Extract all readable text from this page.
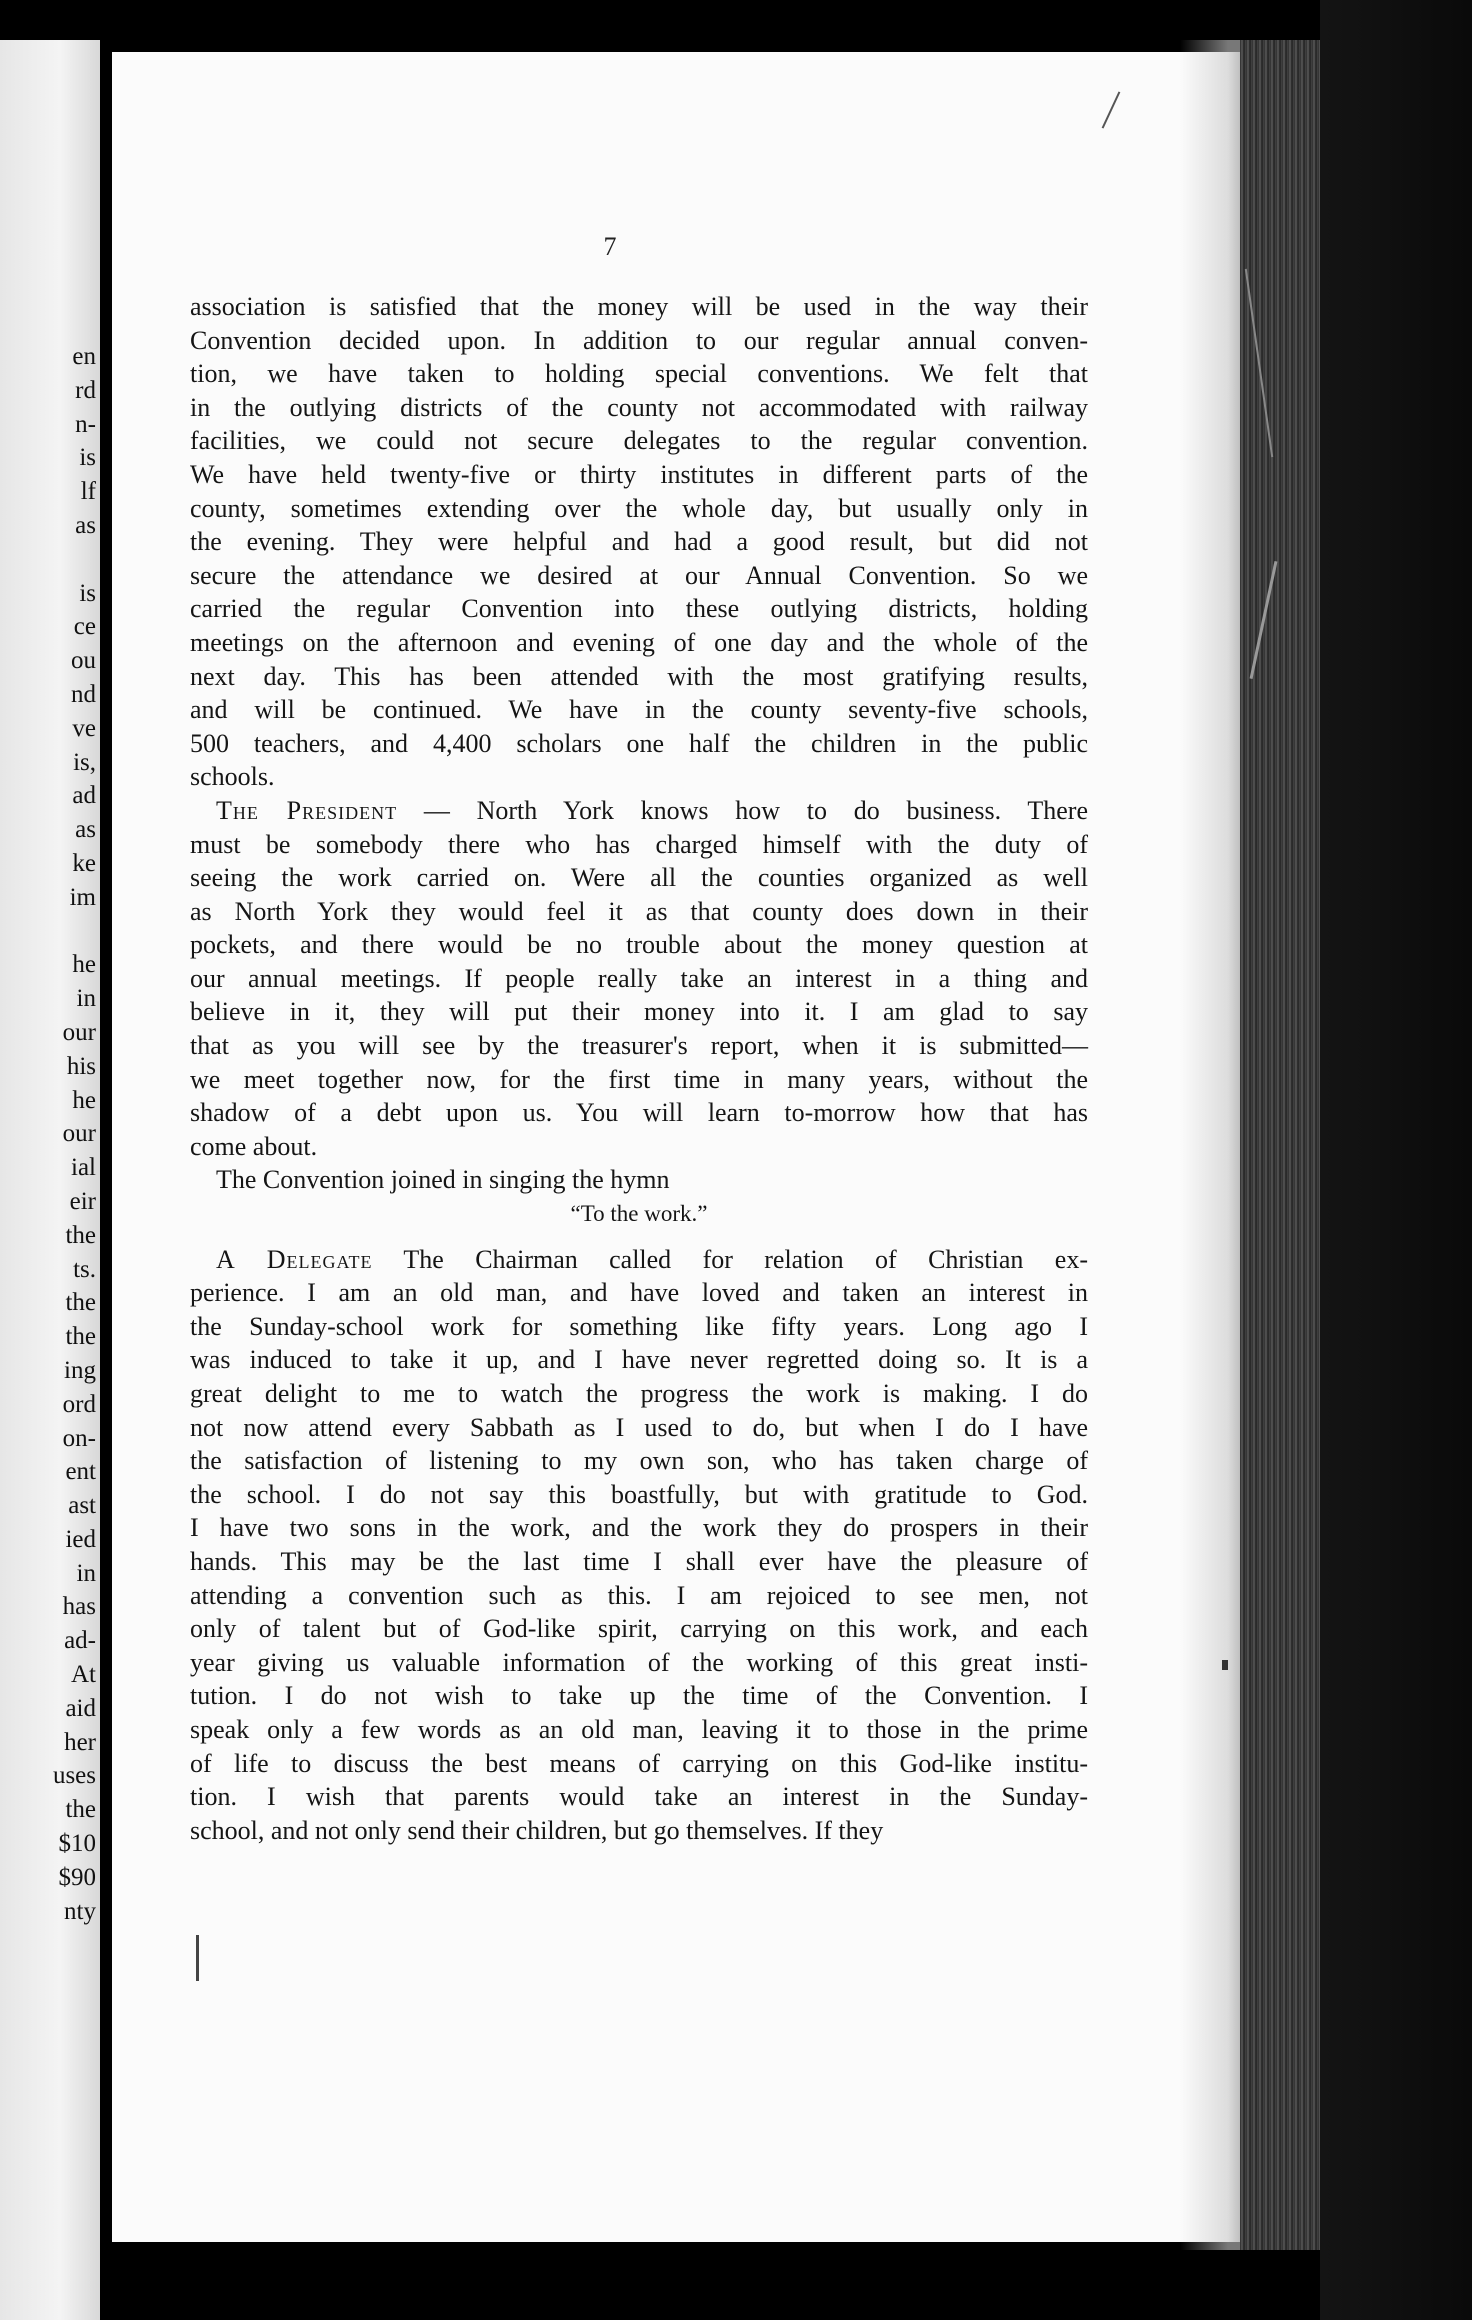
en
rd
n-
is
lf
as
is
ce
ou
nd
ve
is,
ad
as
ke
im
he
in
our
his
he
our
ial
eir
the
ts.
the
the
ing
ord
on-
ent
ast
ied
in
has
ad-
At
aid
her
uses
the
$10
$90
nty
7
association is satisfied that the money will be used in the way their
Convention decided upon. In addition to our regular annual conven-
tion, we have taken to holding special conventions. We felt that
in the outlying districts of the county not accommodated with railway
facilities, we could not secure delegates to the regular convention.
We have held twenty-five or thirty institutes in different parts of the
county, sometimes extending over the whole day, but usually only in
the evening. They were helpful and had a good result, but did not
secure the attendance we desired at our Annual Convention. So we
carried the regular Convention into these outlying districts, holding
meetings on the afternoon and evening of one day and the whole of the
next day. This has been attended with the most gratifying results,
and will be continued. We have in the county seventy-five schools,
500 teachers, and 4,400 scholars one half the children in the public
schools.
The President — North York knows how to do business. There
must be somebody there who has charged himself with the duty of
seeing the work carried on. Were all the counties organized as well
as North York they would feel it as that county does down in their
pockets, and there would be no trouble about the money question at
our annual meetings. If people really take an interest in a thing and
believe in it, they will put their money into it. I am glad to say
that as you will see by the treasurer's report, when it is submitted—
we meet together now, for the first time in many years, without the
shadow of a debt upon us. You will learn to-morrow how that has
come about.
The Convention joined in singing the hymn
“To the work.”
A Delegate The Chairman called for relation of Christian ex-
perience. I am an old man, and have loved and taken an interest in
the Sunday-school work for something like fifty years. Long ago I
was induced to take it up, and I have never regretted doing so. It is a
great delight to me to watch the progress the work is making. I do
not now attend every Sabbath as I used to do, but when I do I have
the satisfaction of listening to my own son, who has taken charge of
the school. I do not say this boastfully, but with gratitude to God.
I have two sons in the work, and the work they do prospers in their
hands. This may be the last time I shall ever have the pleasure of
attending a convention such as this. I am rejoiced to see men, not
only of talent but of God-like spirit, carrying on this work, and each
year giving us valuable information of the working of this great insti-
tution. I do not wish to take up the time of the Convention. I
speak only a few words as an old man, leaving it to those in the prime
of life to discuss the best means of carrying on this God-like institu-
tion. I wish that parents would take an interest in the Sunday-
school, and not only send their children, but go themselves. If they
